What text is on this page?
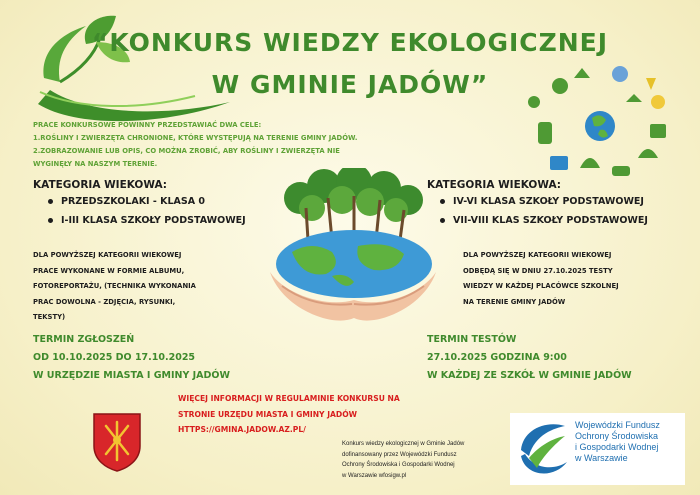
“KONKURS WIEDZY EKOLOGICZNEJ
W GMINIE JADÓW”
PRACE KONKURSOWE POWINNY PRZEDSTAWIAĆ DWA CELE:
1.ROŚLINY I ZWIERZĘTA CHRONIONE, KTÓRE WYSTĘPUJĄ NA TERENIE GMINY JADÓW.
2.ZOBRAZOWANIE LUB OPIS, CO MOŻNA ZROBIĆ, ABY ROŚLINY I ZWIERZĘTA NIE
WYGINĘŁY NA NASZYM TERENIE.
KATEGORIA WIEKOWA:
PRZEDSZKOLAKI - KLASA 0
I-III KLASA SZKOŁY PODSTAWOWEJ
DLA POWYŻSZEJ KATEGORII WIEKOWEJ
PRACE WYKONANE W FORMIE ALBUMU,
FOTOREPORTAŻU, (TECHNIKA WYKONANIA
PRAC DOWOLNA - ZDJĘCIA, RYSUNKI,
TEKSTY)
TERMIN ZGŁOSZEŃ
OD 10.10.2025 DO 17.10.2025
W URZĘDZIE MIASTA I GMINY JADÓW
KATEGORIA WIEKOWA:
IV-VI KLASA SZKOŁY PODSTAWOWEJ
VII-VIII KLAS SZKOŁY PODSTAWOWEJ
DLA POWYŻSZEJ KATEGORII WIEKOWEJ
ODBĘDĄ SIĘ W DNIU 27.10.2025 TESTY
WIEDZY W KAŻDEJ PLACÓWCE SZKOLNEJ
NA TERENIE GMINY JADÓW
TERMIN TESTÓW
27.10.2025 GODZINA 9:00
W KAŻDEJ ZE SZKÓŁ W GMINIE JADÓW
WIĘCEJ INFORMACJI W REGULAMINIE KONKURSU NA
STRONIE URZĘDU MIASTA I GMINY JADÓW
HTTPS://GMINA.JADOW.AZ.PL/
Konkurs wiedzy ekologicznej w Gminie Jadów
dofinansowany przez Wojewódzki Fundusz
Ochrony Środowiska i Gospodarki Wodnej
w Warszawie wfosigw.pl
Wojewódzki Fundusz
Ochrony Środowiska
i Gospodarki Wodnej
w Warszawie
